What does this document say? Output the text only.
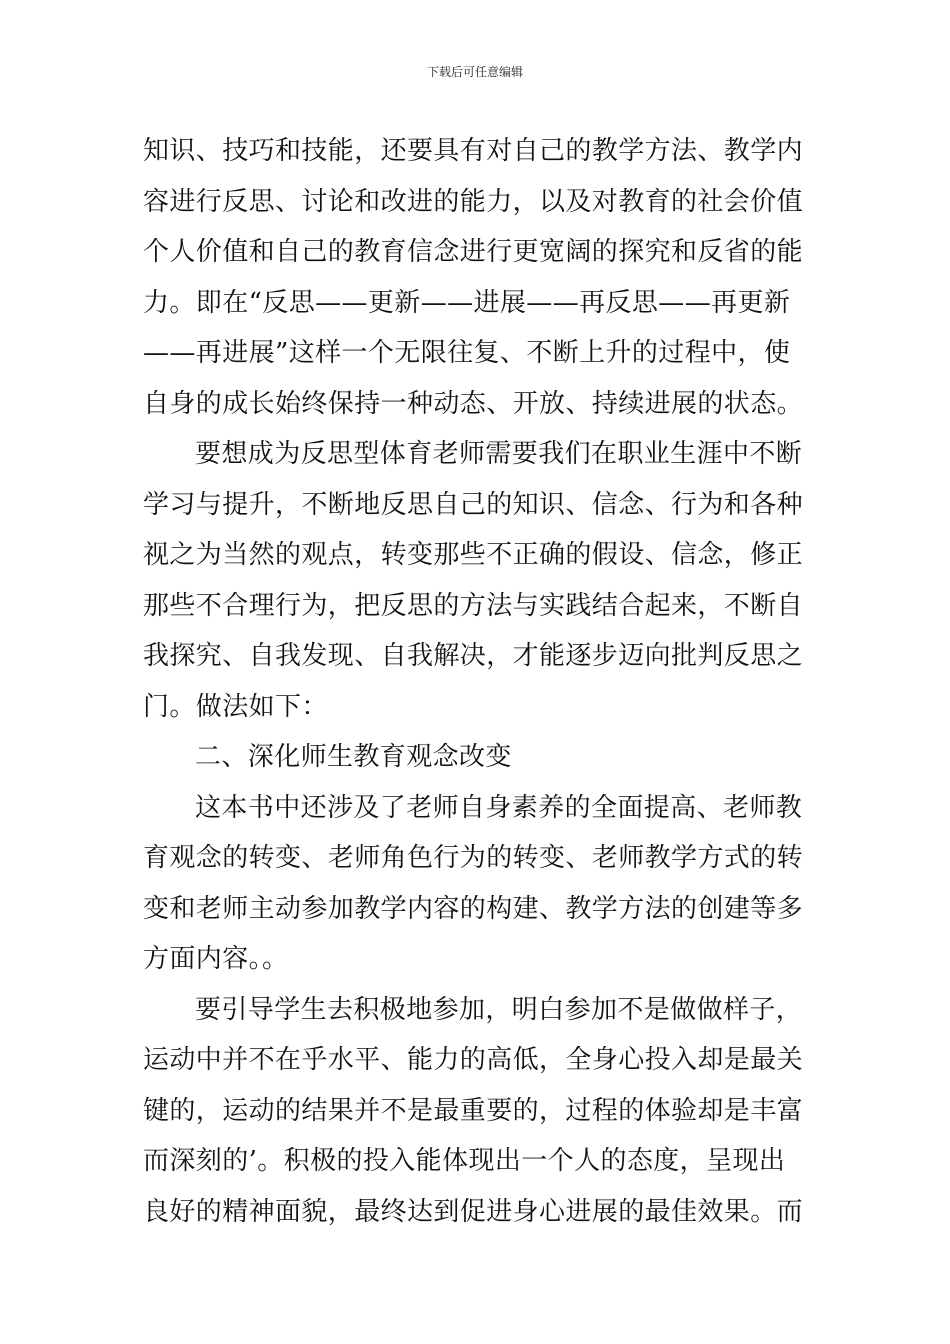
下载后可任意编辑
知识、技巧和技能，还要具有对自己的教学方法、教学内
容进行反思、讨论和改进的能力，以及对教育的社会价值
个人价值和自己的教育信念进行更宽阔的探究和反省的能
力。即在“反思——更新——进展——再反思——再更新
——再进展”这样一个无限往复、不断上升的过程中，使
自身的成长始终保持一种动态、开放、持续进展的状态。
要想成为反思型体育老师需要我们在职业生涯中不断
学习与提升，不断地反思自己的知识、信念、行为和各种
视之为当然的观点，转变那些不正确的假设、信念，修正
那些不合理行为，把反思的方法与实践结合起来，不断自
我探究、自我发现、自我解决，才能逐步迈向批判反思之
门。做法如下：
二、深化师生教育观念改变
这本书中还涉及了老师自身素养的全面提高、老师教
育观念的转变、老师角色行为的转变、老师教学方式的转
变和老师主动参加教学内容的构建、教学方法的创建等多
方面内容。。
要引导学生去积极地参加，明白参加不是做做样子，
运动中并不在乎水平、能力的高低，全身心投入却是最关
键的，运动的结果并不是最重要的，过程的体验却是丰富
而深刻的’。积极的投入能体现出一个人的态度，呈现出
良好的精神面貌，最终达到促进身心进展的最佳效果。而
